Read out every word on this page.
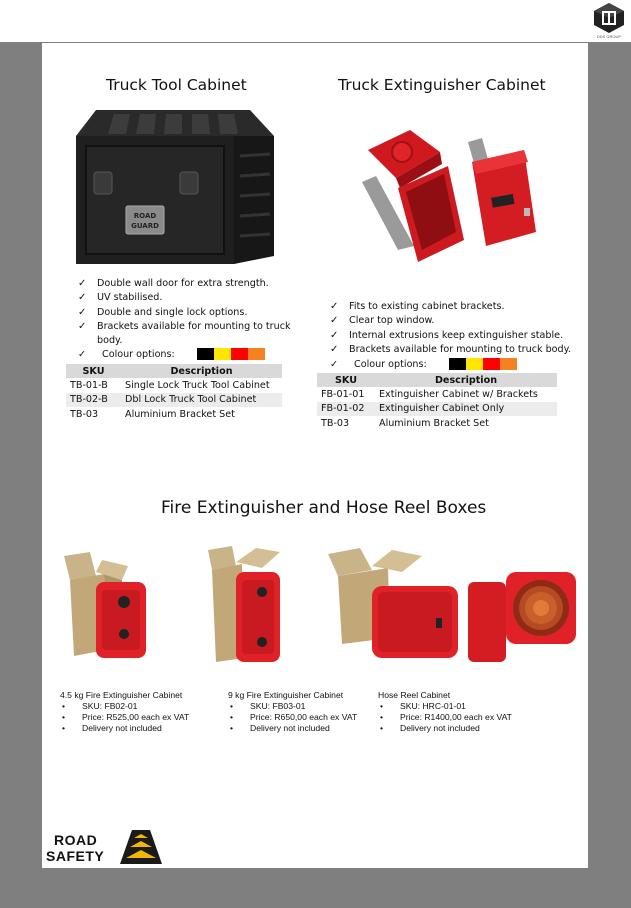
DDS GROUP
Truck Tool Cabinet
ROAD
GUARD
✓ Double wall door for extra strength.
✓ UV stabilised.
✓ Double and single lock options.
✓ Brackets available for mounting to truck body.
✓	Colour options:
SKU	Description
TB-01-B	Single Lock Truck Tool Cabinet
TB-02-B	Dbl Lock Truck Tool Cabinet
TB-03	Aluminium Bracket Set
Truck Extinguisher Cabinet
✓ Fits to existing cabinet brackets.
✓ Clear top window.
✓ Internal extrusions keep extinguisher stable.
✓ Brackets available for mounting to truck body.
✓	Colour options:
SKU	Description
FB-01-01	Extinguisher Cabinet w/ Brackets
FB-01-02	Extinguisher Cabinet Only
TB-03	Aluminium Bracket Set
Fire Extinguisher and Hose Reel Boxes
4.5 kg Fire Extinguisher Cabinet
• SKU: FB02-01
• Price: R525,00 each ex VAT
• Delivery not included
9 kg Fire Extinguisher Cabinet
• SKU: FB03-01
• Price: R650,00 each ex VAT
• Delivery not included
Hose Reel Cabinet
• SKU: HRC-01-01
• Price: R1400,00 each ex VAT
• Delivery not included
ROAD
SAFETY
